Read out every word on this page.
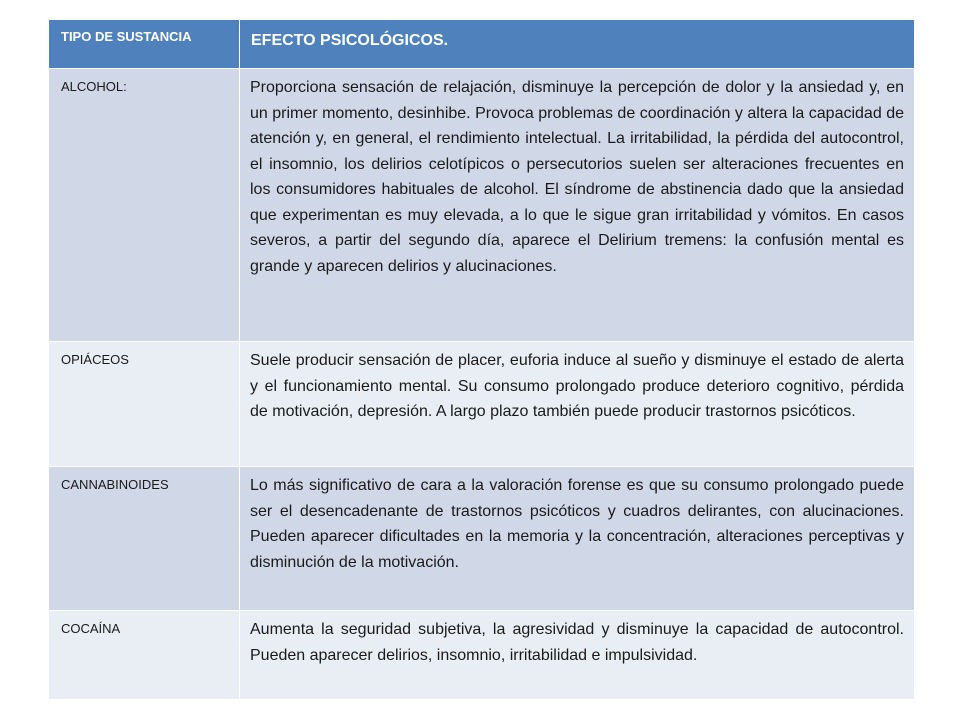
TIPO DE SUSTANCIA	EFECTO PSICOLÓGICOS.
ALCOHOL:	Proporciona sensación de relajación, disminuye la percepción de dolor y la ansiedad y, en un primer momento, desinhibe. Provoca problemas de coordinación y altera la capacidad de atención y, en general, el rendimiento intelectual. La irritabilidad, la pérdida del autocontrol, el insomnio, los delirios celotípicos o persecutorios suelen ser alteraciones frecuentes en los consumidores habituales de alcohol. El síndrome de abstinencia dado que la ansiedad que experimentan es muy elevada, a lo que le sigue gran irritabilidad y vómitos. En casos severos, a partir del segundo día, aparece el Delirium tremens: la confusión mental es grande y aparecen delirios y alucinaciones.
OPIÁCEOS	Suele producir sensación de placer, euforia induce al sueño y disminuye el estado de alerta y el funcionamiento mental. Su consumo prolongado produce deterioro cognitivo, pérdida de motivación, depresión. A largo plazo también puede producir trastornos psicóticos.
CANNABINOIDES	Lo más significativo de cara a la valoración forense es que su consumo prolongado puede ser el desencadenante de trastornos psicóticos y cuadros delirantes, con alucinaciones. Pueden aparecer dificultades en la memoria y la concentración, alteraciones perceptivas y disminución de la motivación.
COCAÍNA	Aumenta la seguridad subjetiva, la agresividad y disminuye la capacidad de autocontrol. Pueden aparecer delirios, insomnio, irritabilidad e impulsividad.
